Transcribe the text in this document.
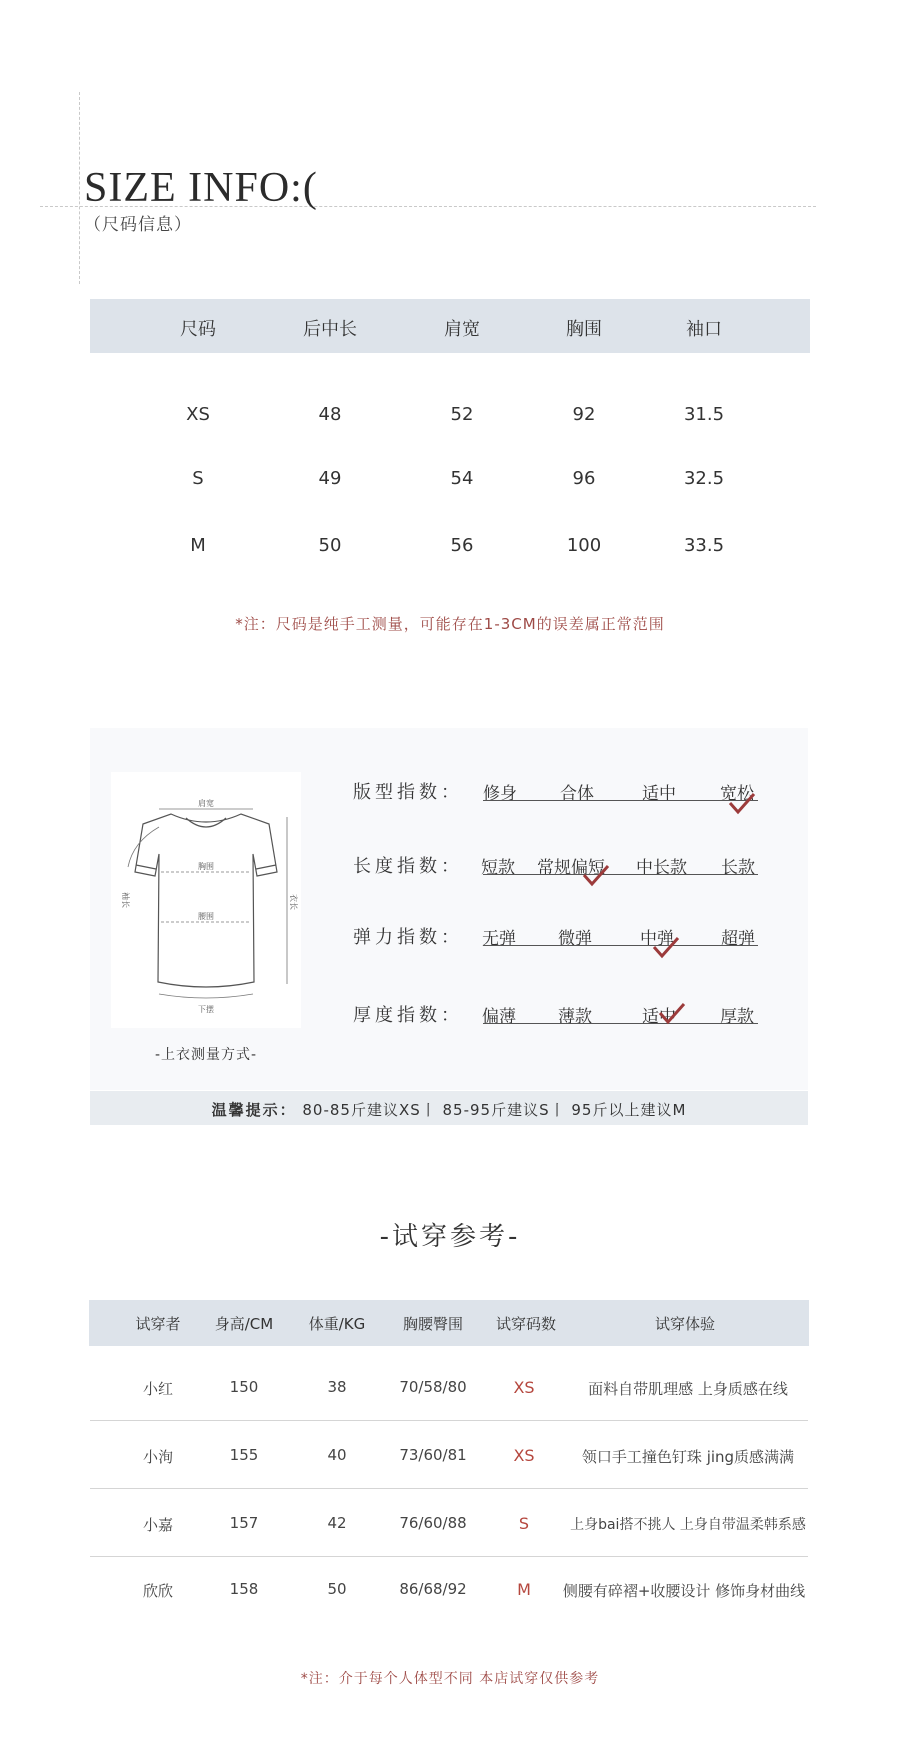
SIZE INFO:(
（尺码信息）
尺码	后中长	肩宽	胸围	袖口
XS	48	52	92	31.5
S	49	54	96	32.5
M	50	56	100	33.5
*注：尺码是纯手工测量，可能存在1-3CM的误差属正常范围
肩宽
胸围
腰围
下摆
衣长
袖长
-上衣测量方式-
版型指数： 修身	合体	适中	宽松
长度指数： 短款 常规偏短 中长款 长款
弹力指数： 无弹 微弹	中弹	超弹
厚度指数： 偏薄 薄款	适中	厚款
温馨提示： 80-85斤建议XS丨 85-95斤建议S丨 95斤以上建议M
-试穿参考-
试穿者 身高/CM 体重/KG	胸腰臀围 试穿码数	试穿体验
小红	150	38	70/58/80	XS	面料自带肌理感 上身质感在线
小洵	155	40	73/60/81	XS	领口手工撞色钉珠 jing质感满满
小嘉	157	42	76/60/88	S	上身bai搭不挑人 上身自带温柔韩系感
欣欣	158	50	86/68/92	M 侧腰有碎褶+收腰设计 修饰身材曲线
*注：介于每个人体型不同 本店试穿仅供参考
